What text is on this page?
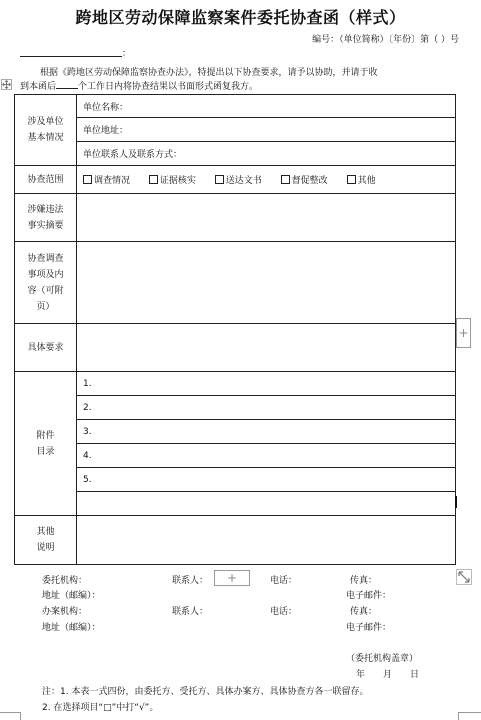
跨地区劳动保障监察案件委托协查函（样式）
编号：（单位简称）〔年份〕第（ ）号
：
根据《跨地区劳动保障监察协查办法》，特提出以下协查要求，请予以协助，并请于收
到本函后 个工作日内将协查结果以书面形式函复我方。
涉及单位基本情况	单位名称：
	单位地址：
	单位联系人及联系方式：
协查范围	调查情况 证据核实 送达文书 督促整改 其他

涉嫌违法事实摘要	

协查调查事项及内容（可附页）	

具体要求	

附件目录	1.
	2.
	3.
	4.
	5.

其他说明	

+
委托机构：	联系人：	+	电话：	传真：
地址（邮编）：	电子邮件：
办案机构：	联系人：	电话：	传真：
地址（邮编）：	电子邮件：
（委托机构盖章）
年　　月　　日
注：1. 本表一式四份，由委托方、受托方、具体办案方、具体协查方各一联留存。
2. 在选择项目“□”中打“√”。
